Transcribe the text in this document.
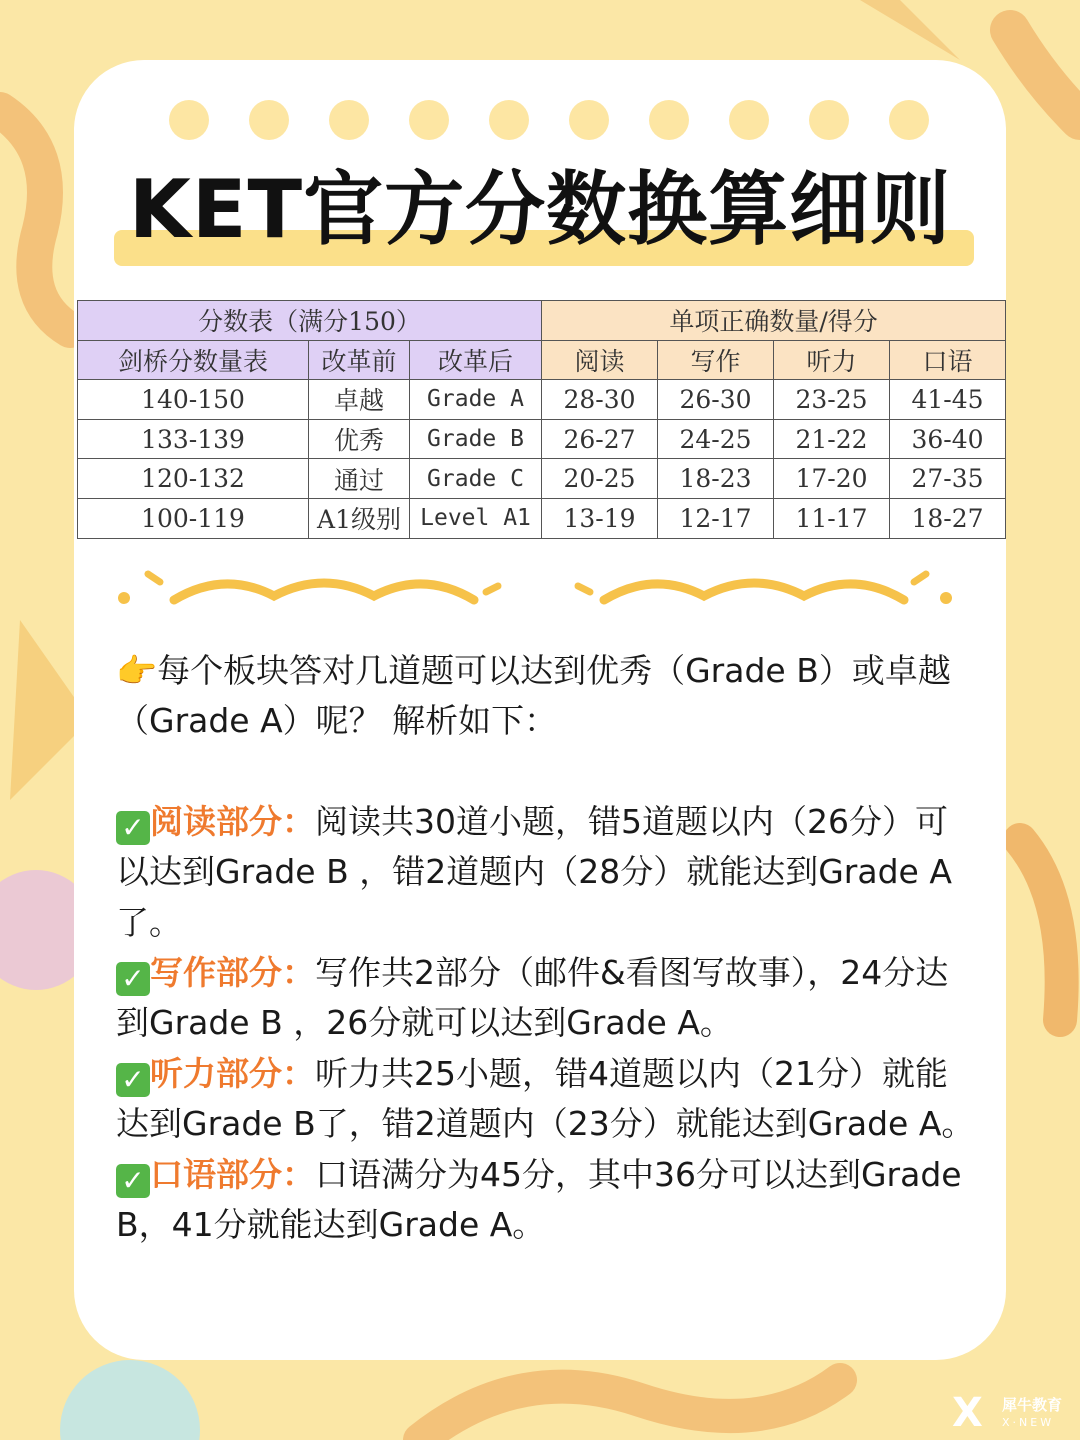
KET官方分数换算细则
分数表（满分150）			单项正确数量/得分			
剑桥分数量表	改革前	改革后	阅读	写作	听力	口语
140-150	卓越	Grade A	28-30	26-30	23-25	41-45
133-139	优秀	Grade B	26-27	24-25	21-22	36-40
120-132	通过	Grade C	20-25	18-23	17-20	27-35
100-119	A1级别	Level A1	13-19	12-17	11-17	18-27

👉每个板块答对几道题可以达到优秀（Grade B）或卓越（Grade A）呢？ 解析如下：

✓ 阅读部分：阅读共30道小题，错5道题以内（26分）可以达到Grade B ，错2道题内（28分）就能达到Grade A了。

✓ 写作部分：写作共2部分（邮件&看图写故事），24分达到Grade B ，26分就可以达到Grade A。

✓ 听力部分：听力共25小题，错4道题以内（21分）就能达到Grade B了，错2道题内（23分）就能达到Grade A。

✓ 口语部分：口语满分为45分，其中36分可以达到Grade B，41分就能达到Grade A。

X 犀牛教育
X·NEW
